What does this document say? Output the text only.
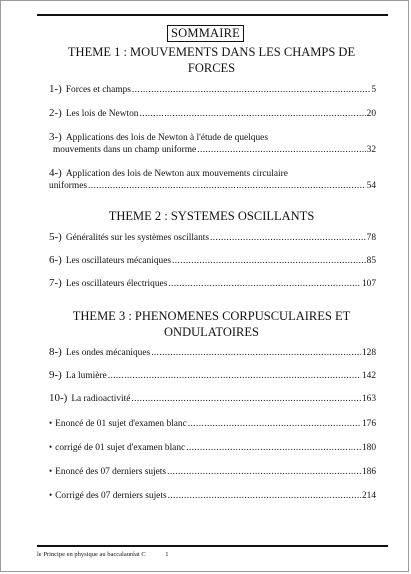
SOMMAIRE
THEME 1 : MOUVEMENTS DANS LES CHAMPS DE
FORCES
1-) Forces et champs .....	5
2-) Les lois de Newton .....	20
3-) Applications des lois de Newton à l'étude de quelques
mouvements dans un champ uniforme .....	32
4-) Application des lois de Newton aux mouvements circulaire
uniformes .....	54
THEME 2 : SYSTEMES OSCILLANTS
5-) Généralités sur les systèmes oscillants .....	78
6-) Les oscillateurs mécaniques .....	85
7-) Les oscillateurs électriques .....	107
THEME 3 : PHENOMENES CORPUSCULAIRES ET
ONDULATOIRES
8-) Les ondes mécaniques .....	128
9-) La lumière .....	142
10-) La radioactivité .....	163
• Enoncé de 01 sujet d'examen blanc .....	176
• corrigé de 01 sujet d'examen blanc .....	180
• Enoncé des 07 derniers sujets .....	186
• Corrigé des 07 derniers sujets .....	214
le Principe en physique au baccalauréat C	1
